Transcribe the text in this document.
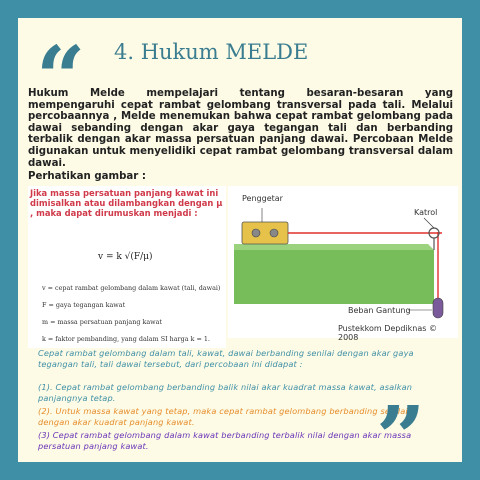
“ 4. Hukum MELDE
Hukum Melde mempelajari tentang besaran-besaran yang
mempengaruhi cepat rambat gelombang transversal pada tali. Melalui percobaannya , Melde menemukan bahwa cepat rambat gelombang pada dawai sebanding dengan akar gaya tegangan tali dan berbanding terbalik dengan akar massa persatuan panjang dawai. Percobaan Melde digunakan untuk menyelidiki cepat rambat gelombang transversal dalam dawai.
Perhatikan gambar :
Jika massa persatuan panjang kawat ini dimisalkan atau dilambangkan dengan μ , maka dapat dirumuskan menjadi :
v = k √(F/μ)
v = cepat rambat gelombang dalam kawat (tali, dawai)
F = gaya tegangan kawat
m = massa persatuan panjang kawat
k = faktor pembanding, yang dalam SI harga k = 1.
Penggetar
Katrol
Beban Gantung
Pustekkom Depdiknas © 2008
Cepat rambat gelombang dalam tali, kawat, dawai berbanding senilai dengan akar gaya tegangan tali, tali dawai tersebut, dari percobaan ini didapat :
(1). Cepat rambat gelombang berbanding balik nilai akar kuadrat massa kawat, asalkan panjangnya tetap.
(2). Untuk massa kawat yang tetap, maka cepat rambat gelombang berbanding senilai dengan akar kuadrat panjang kawat.
(3) Cepat rambat gelombang dalam kawat berbanding terbalik nilai dengan akar massa persatuan panjang kawat.	”
